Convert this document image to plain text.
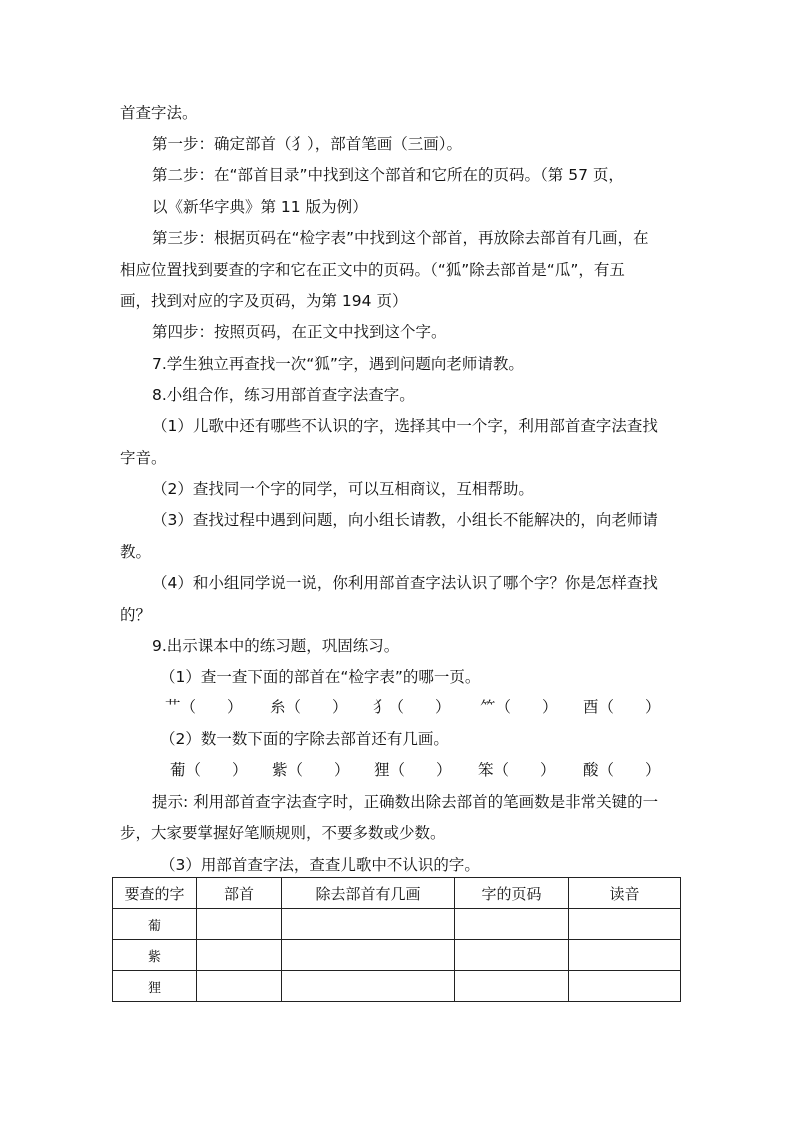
首查字法。
第一步：确定部首（犭），部首笔画（三画）。
第二步：在“部首目录”中找到这个部首和它所在的页码。（第 57 页，
以《新华字典》第 11 版为例）
第三步：根据页码在“检字表”中找到这个部首，再放除去部首有几画，在
相应位置找到要查的字和它在正文中的页码。（“狐”除去部首是“瓜”，有五
画，找到对应的字及页码，为第 194 页）
第四步：按照页码，在正文中找到这个字。
7.学生独立再查找一次“狐”字，遇到问题向老师请教。
8.小组合作，练习用部首查字法查字。
（1）儿歌中还有哪些不认识的字，选择其中一个字，利用部首查字法查找
字音。
（2）查找同一个字的同学，可以互相商议，互相帮助。
（3）查找过程中遇到问题，向小组长请教，小组长不能解决的，向老师请
教。
（4）和小组同学说一说，你利用部首查字法认识了哪个字？你是怎样查找
的？
9.出示课本中的练习题，巩固练习。
（1）查一查下面的部首在“检字表”的哪一页。
艹（　　） 糸（　　） 犭（　　） ⺮（　　） 酉（　　）
（2）数一数下面的字除去部首还有几画。
葡（　　） 紫（　　） 狸（　　） 笨（　　） 酸（　　）
提示: 利用部首查字法查字时，正确数出除去部首的笔画数是非常关键的一
步，大家要掌握好笔顺规则，不要多数或少数。
（3）用部首查字法，查查儿歌中不认识的字。
要查的字	部首	除去部首有几画	字的页码	读音
葡				
紫				
狸				
